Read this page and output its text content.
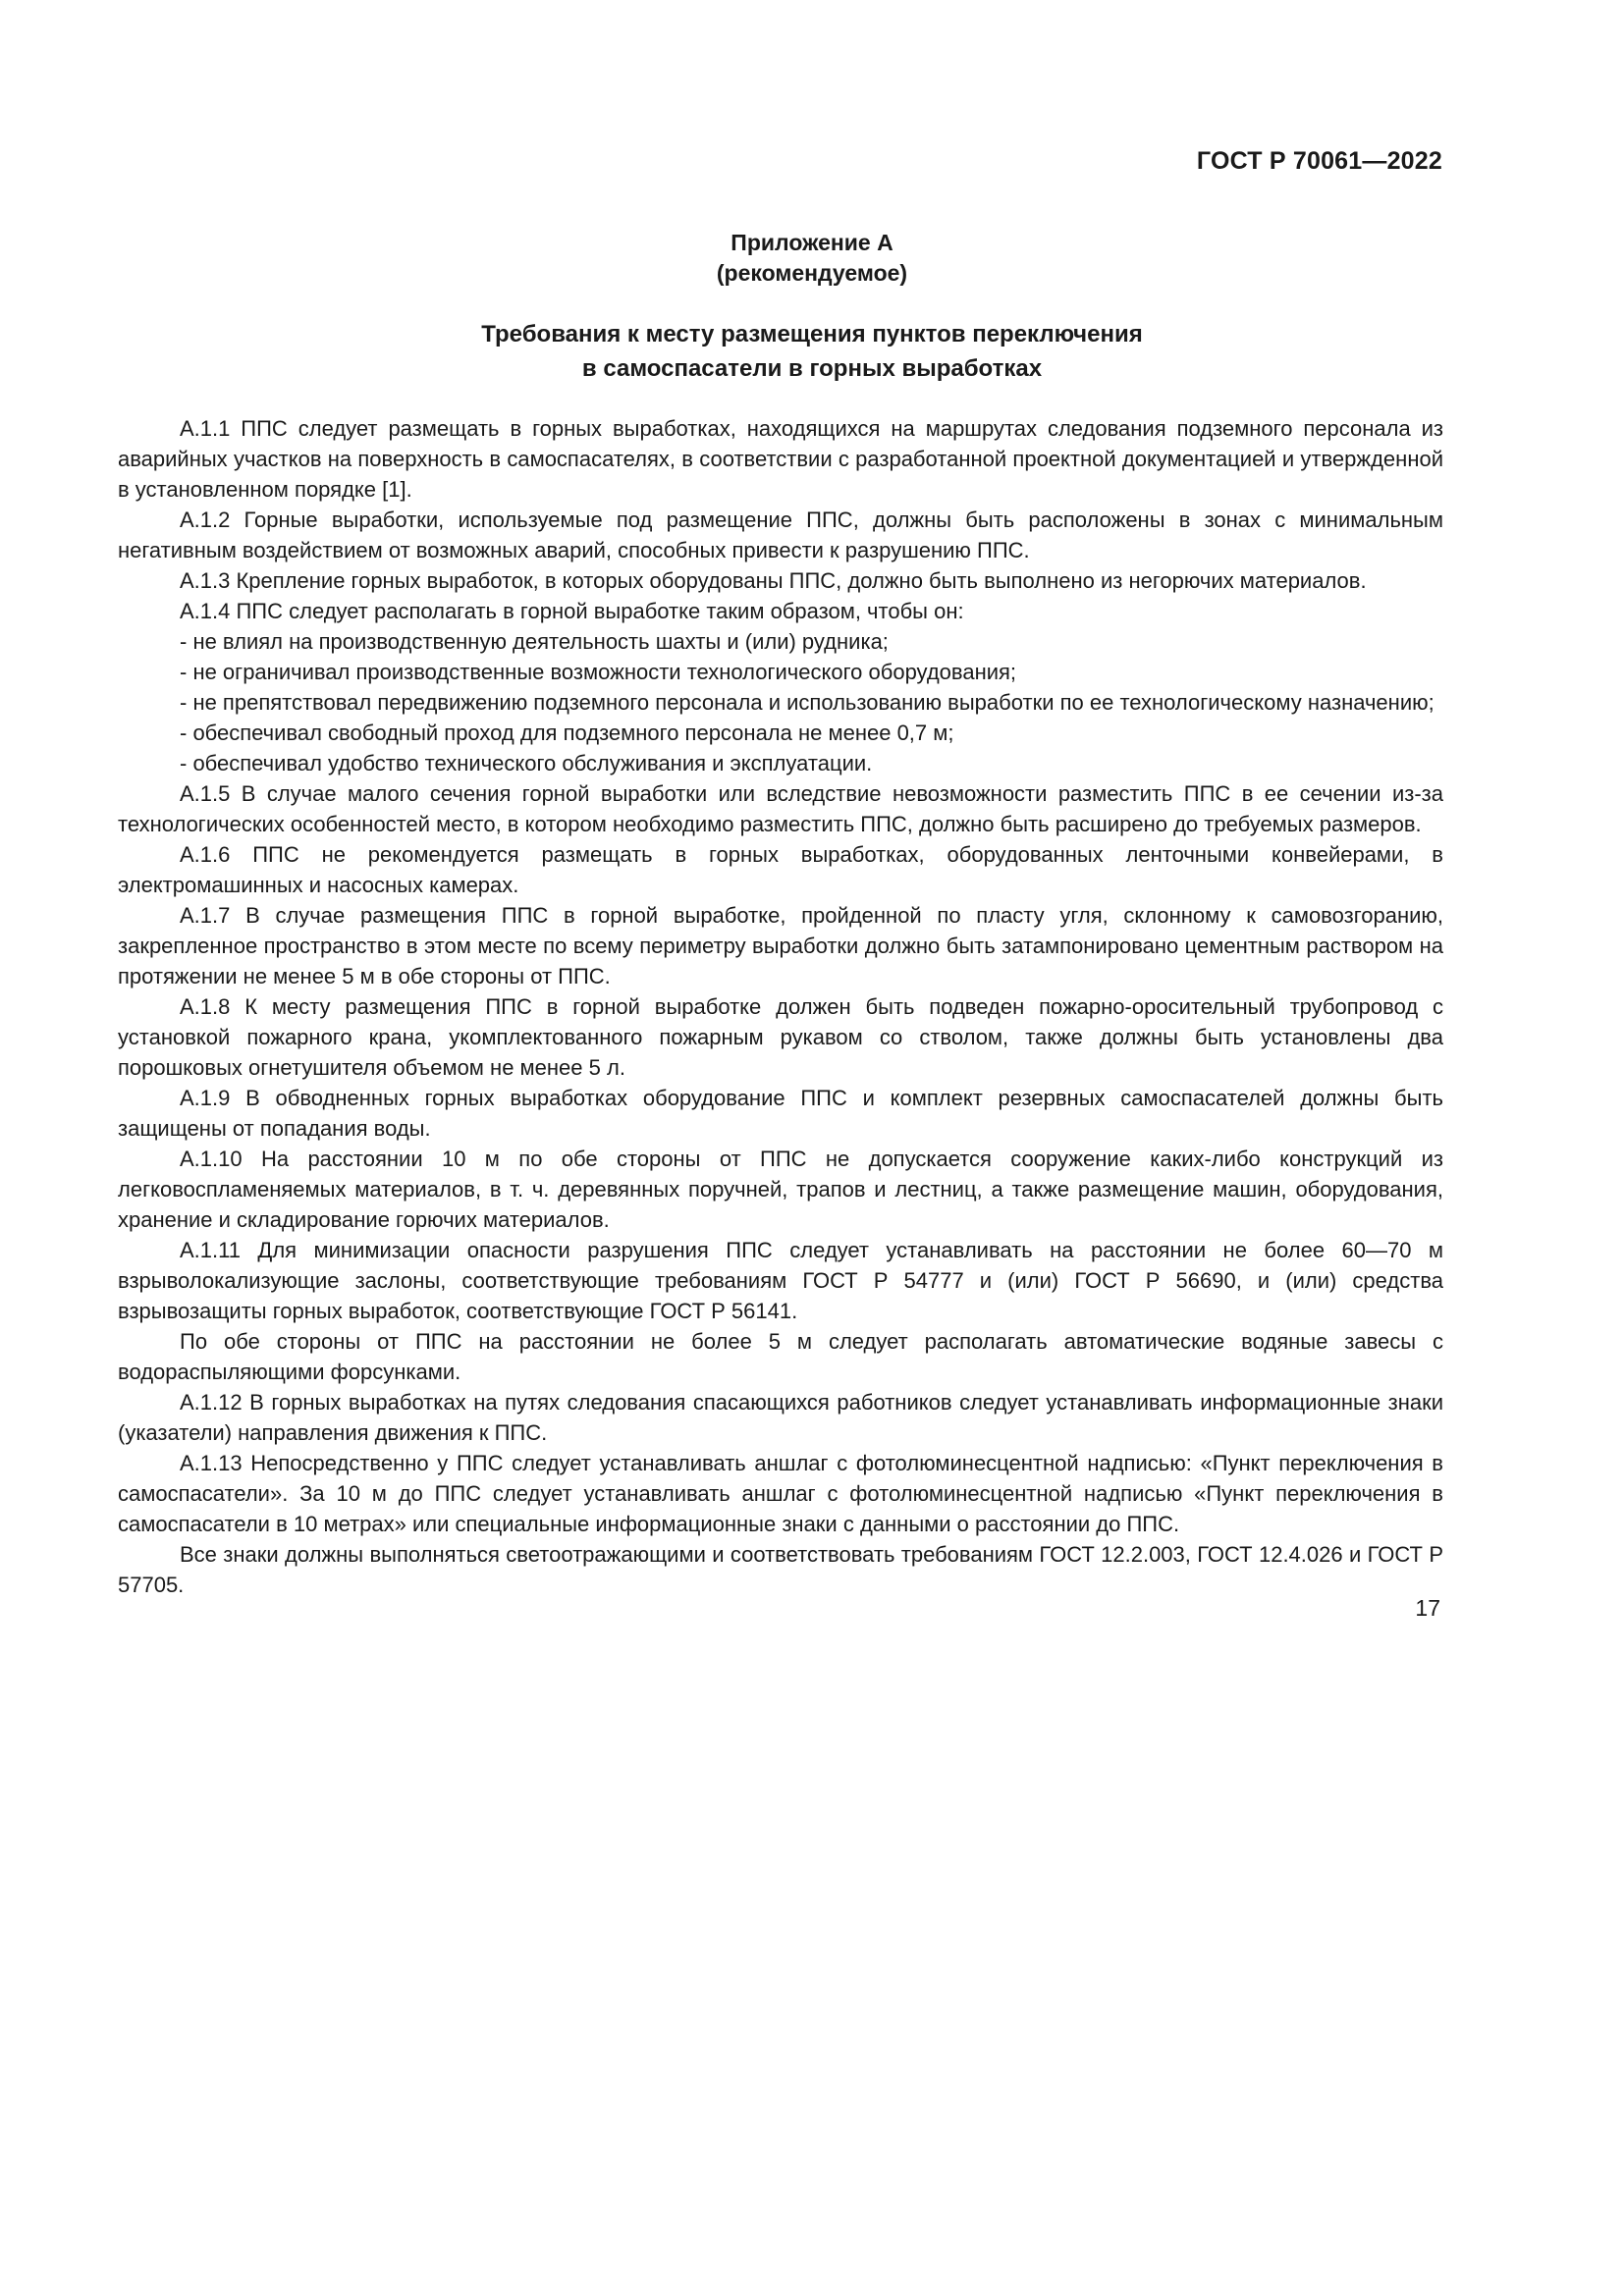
ГОСТ Р 70061—2022
Приложение А
(рекомендуемое)
Требования к месту размещения пунктов переключения
в самоспасатели в горных выработках

А.1.1 ППС следует размещать в горных выработках, находящихся на маршрутах следования подземного персонала из аварийных участков на поверхность в самоспасателях, в соответствии с разработанной проектной документацией и утвержденной в установленном порядке [1].

А.1.2 Горные выработки, используемые под размещение ППС, должны быть расположены в зонах с минимальным негативным воздействием от возможных аварий, способных привести к разрушению ППС.

А.1.3 Крепление горных выработок, в которых оборудованы ППС, должно быть выполнено из негорючих материалов.

А.1.4 ППС следует располагать в горной выработке таким образом, чтобы он:

- не влиял на производственную деятельность шахты и (или) рудника;

- не ограничивал производственные возможности технологического оборудования;

- не препятствовал передвижению подземного персонала и использованию выработки по ее технологическому назначению;

- обеспечивал свободный проход для подземного персонала не менее 0,7 м;

- обеспечивал удобство технического обслуживания и эксплуатации.

А.1.5 В случае малого сечения горной выработки или вследствие невозможности разместить ППС в ее сечении из-за технологических особенностей место, в котором необходимо разместить ППС, должно быть расширено до требуемых размеров.

А.1.6 ППС не рекомендуется размещать в горных выработках, оборудованных ленточными конвейерами, в электромашинных и насосных камерах.

А.1.7 В случае размещения ППС в горной выработке, пройденной по пласту угля, склонному к самовозгоранию, закрепленное пространство в этом месте по всему периметру выработки должно быть затампонировано цементным раствором на протяжении не менее 5 м в обе стороны от ППС.

А.1.8 К месту размещения ППС в горной выработке должен быть подведен пожарно-оросительный трубопровод с установкой пожарного крана, укомплектованного пожарным рукавом со стволом, также должны быть установлены два порошковых огнетушителя объемом не менее 5 л.

А.1.9 В обводненных горных выработках оборудование ППС и комплект резервных самоспасателей должны быть защищены от попадания воды.

А.1.10 На расстоянии 10 м по обе стороны от ППС не допускается сооружение каких-либо конструкций из легковоспламеняемых материалов, в т. ч. деревянных поручней, трапов и лестниц, а также размещение машин, оборудования, хранение и складирование горючих материалов.

А.1.11 Для минимизации опасности разрушения ППС следует устанавливать на расстоянии не более 60—70 м взрыволокализующие заслоны, соответствующие требованиям ГОСТ Р 54777 и (или) ГОСТ Р 56690, и (или) средства взрывозащиты горных выработок, соответствующие ГОСТ Р 56141.

По обе стороны от ППС на расстоянии не более 5 м следует располагать автоматические водяные завесы с водораспыляющими форсунками.

А.1.12 В горных выработках на путях следования спасающихся работников следует устанавливать информационные знаки (указатели) направления движения к ППС.

А.1.13 Непосредственно у ППС следует устанавливать аншлаг с фотолюминесцентной надписью: «Пункт переключения в самоспасатели». За 10 м до ППС следует устанавливать аншлаг с фотолюминесцентной надписью «Пункт переключения в самоспасатели в 10 метрах» или специальные информационные знаки с данными о расстоянии до ППС.

Все знаки должны выполняться светоотражающими и соответствовать требованиям ГОСТ 12.2.003, ГОСТ 12.4.026 и ГОСТ Р 57705.

17
